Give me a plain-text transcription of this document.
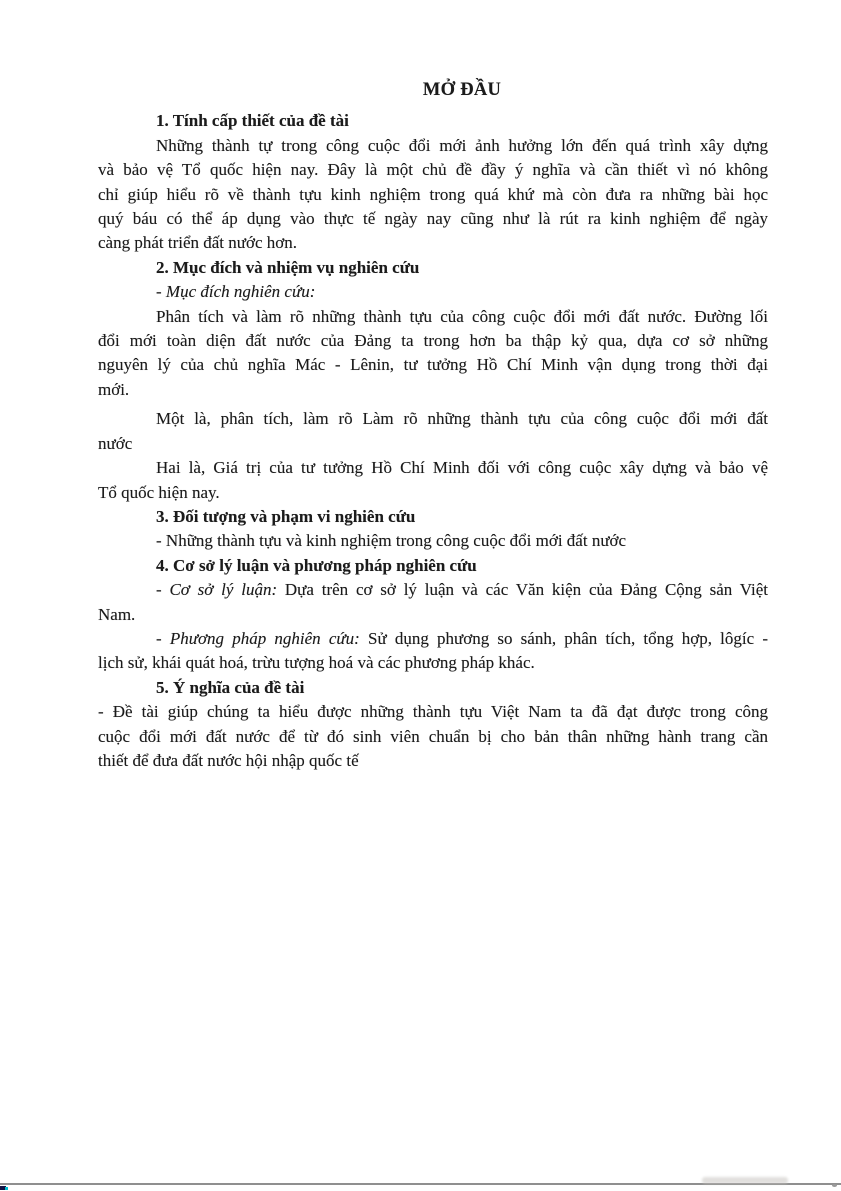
MỞ ĐẦU
1. Tính cấp thiết của đề tài
Những thành tự trong công cuộc đổi mới ảnh hưởng lớn đến quá trình xây dựng
và bảo vệ Tổ quốc hiện nay. Đây là một chủ đề đầy ý nghĩa và cần thiết vì nó không
chỉ giúp hiểu rõ về thành tựu kinh nghiệm trong quá khứ mà còn đưa ra những bài học
quý báu có thể áp dụng vào thực tế ngày nay cũng như là rút ra kinh nghiệm để ngày
càng phát triển đất nước hơn.
2. Mục đích và nhiệm vụ nghiên cứu
- Mục đích nghiên cứu:
Phân tích và làm rõ những thành tựu của công cuộc đổi mới đất nước. Đường lối
đổi mới toàn diện đất nước của Đảng ta trong hơn ba thập kỷ qua, dựa cơ sở những
nguyên lý của chủ nghĩa Mác - Lênin, tư tưởng Hồ Chí Minh vận dụng trong thời đại
mới.
Một là, phân tích, làm rõ Làm rõ những thành tựu của công cuộc đổi mới đất
nước
Hai là, Giá trị của tư tưởng Hồ Chí Minh đối với công cuộc xây dựng và bảo vệ
Tổ quốc hiện nay.
3. Đối tượng và phạm vi nghiên cứu
- Những thành tựu và kinh nghiệm trong công cuộc đổi mới đất nước
4. Cơ sở lý luận và phương pháp nghiên cứu
- Cơ sở lý luận: Dựa trên cơ sở lý luận và các Văn kiện của Đảng Cộng sản Việt
Nam.
- Phương pháp nghiên cứu: Sử dụng phương so sánh, phân tích, tổng hợp, lôgíc -
lịch sử, khái quát hoá, trừu tượng hoá và các phương pháp khác.
5. Ý nghĩa của đề tài
- Đề tài giúp chúng ta hiểu được những thành tựu Việt Nam ta đã đạt được trong công
cuộc đổi mới đất nước để từ đó sinh viên chuẩn bị cho bản thân những hành trang cần
thiết để đưa đất nước hội nhập quốc tế
